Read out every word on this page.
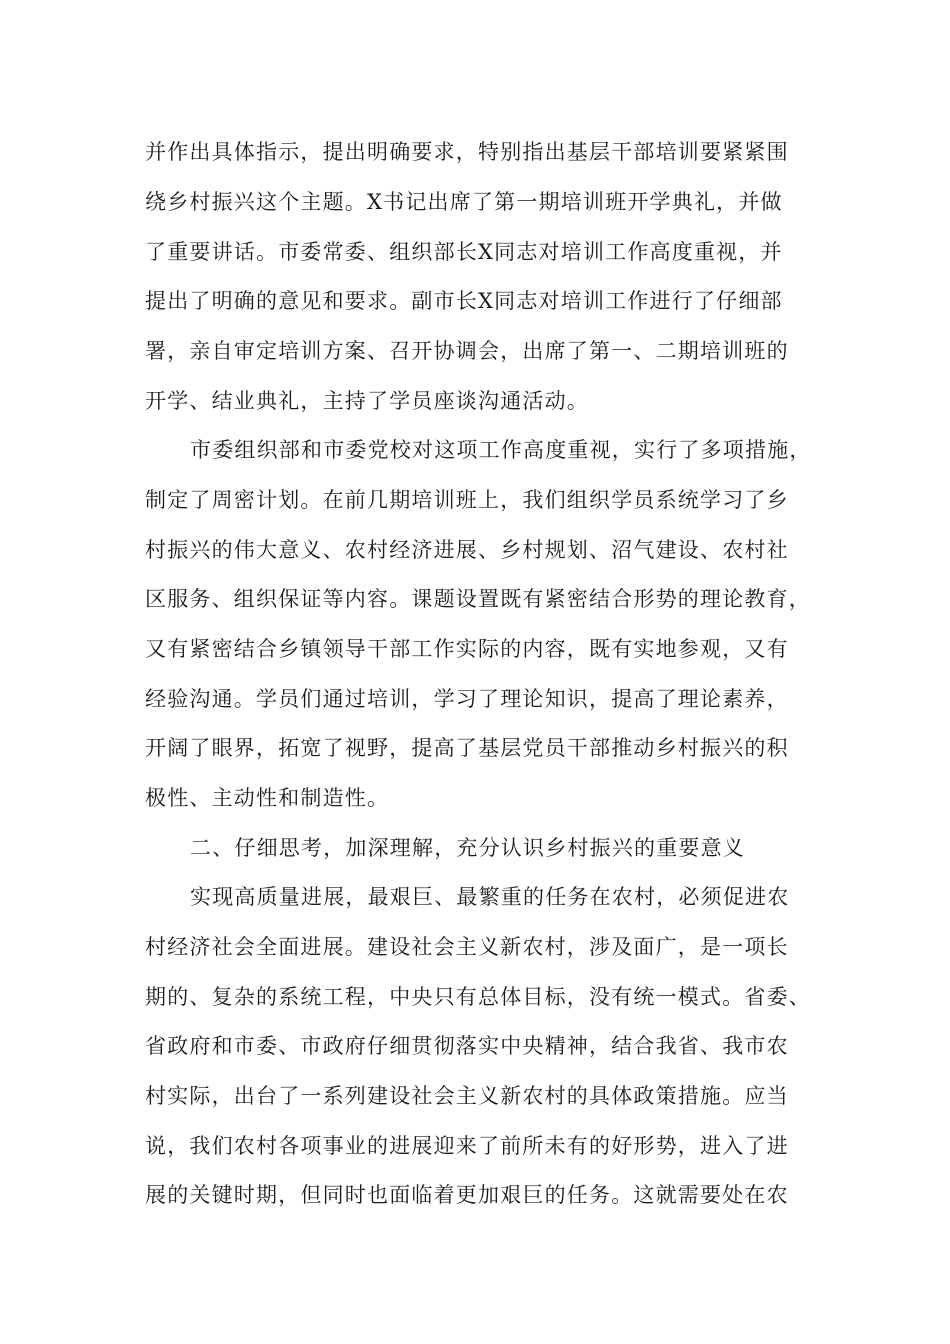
并作出具体指示，提出明确要求，特别指出基层干部培训要紧紧围
绕乡村振兴这个主题。X书记出席了第一期培训班开学典礼，并做
了重要讲话。市委常委、组织部长X同志对培训工作高度重视，并
提出了明确的意见和要求。副市长X同志对培训工作进行了仔细部
署，亲自审定培训方案、召开协调会，出席了第一、二期培训班的
开学、结业典礼，主持了学员座谈沟通活动。
市委组织部和市委党校对这项工作高度重视，实行了多项措施，
制定了周密计划。在前几期培训班上，我们组织学员系统学习了乡
村振兴的伟大意义、农村经济进展、乡村规划、沼气建设、农村社
区服务、组织保证等内容。课题设置既有紧密结合形势的理论教育，
又有紧密结合乡镇领导干部工作实际的内容，既有实地参观，又有
经验沟通。学员们通过培训，学习了理论知识，提高了理论素养，
开阔了眼界，拓宽了视野，提高了基层党员干部推动乡村振兴的积
极性、主动性和制造性。
二、仔细思考，加深理解，充分认识乡村振兴的重要意义
实现高质量进展，最艰巨、最繁重的任务在农村，必须促进农
村经济社会全面进展。建设社会主义新农村，涉及面广，是一项长
期的、复杂的系统工程，中央只有总体目标，没有统一模式。省委、
省政府和市委、市政府仔细贯彻落实中央精神，结合我省、我市农
村实际，出台了一系列建设社会主义新农村的具体政策措施。应当
说，我们农村各项事业的进展迎来了前所未有的好形势，进入了进
展的关键时期，但同时也面临着更加艰巨的任务。这就需要处在农
